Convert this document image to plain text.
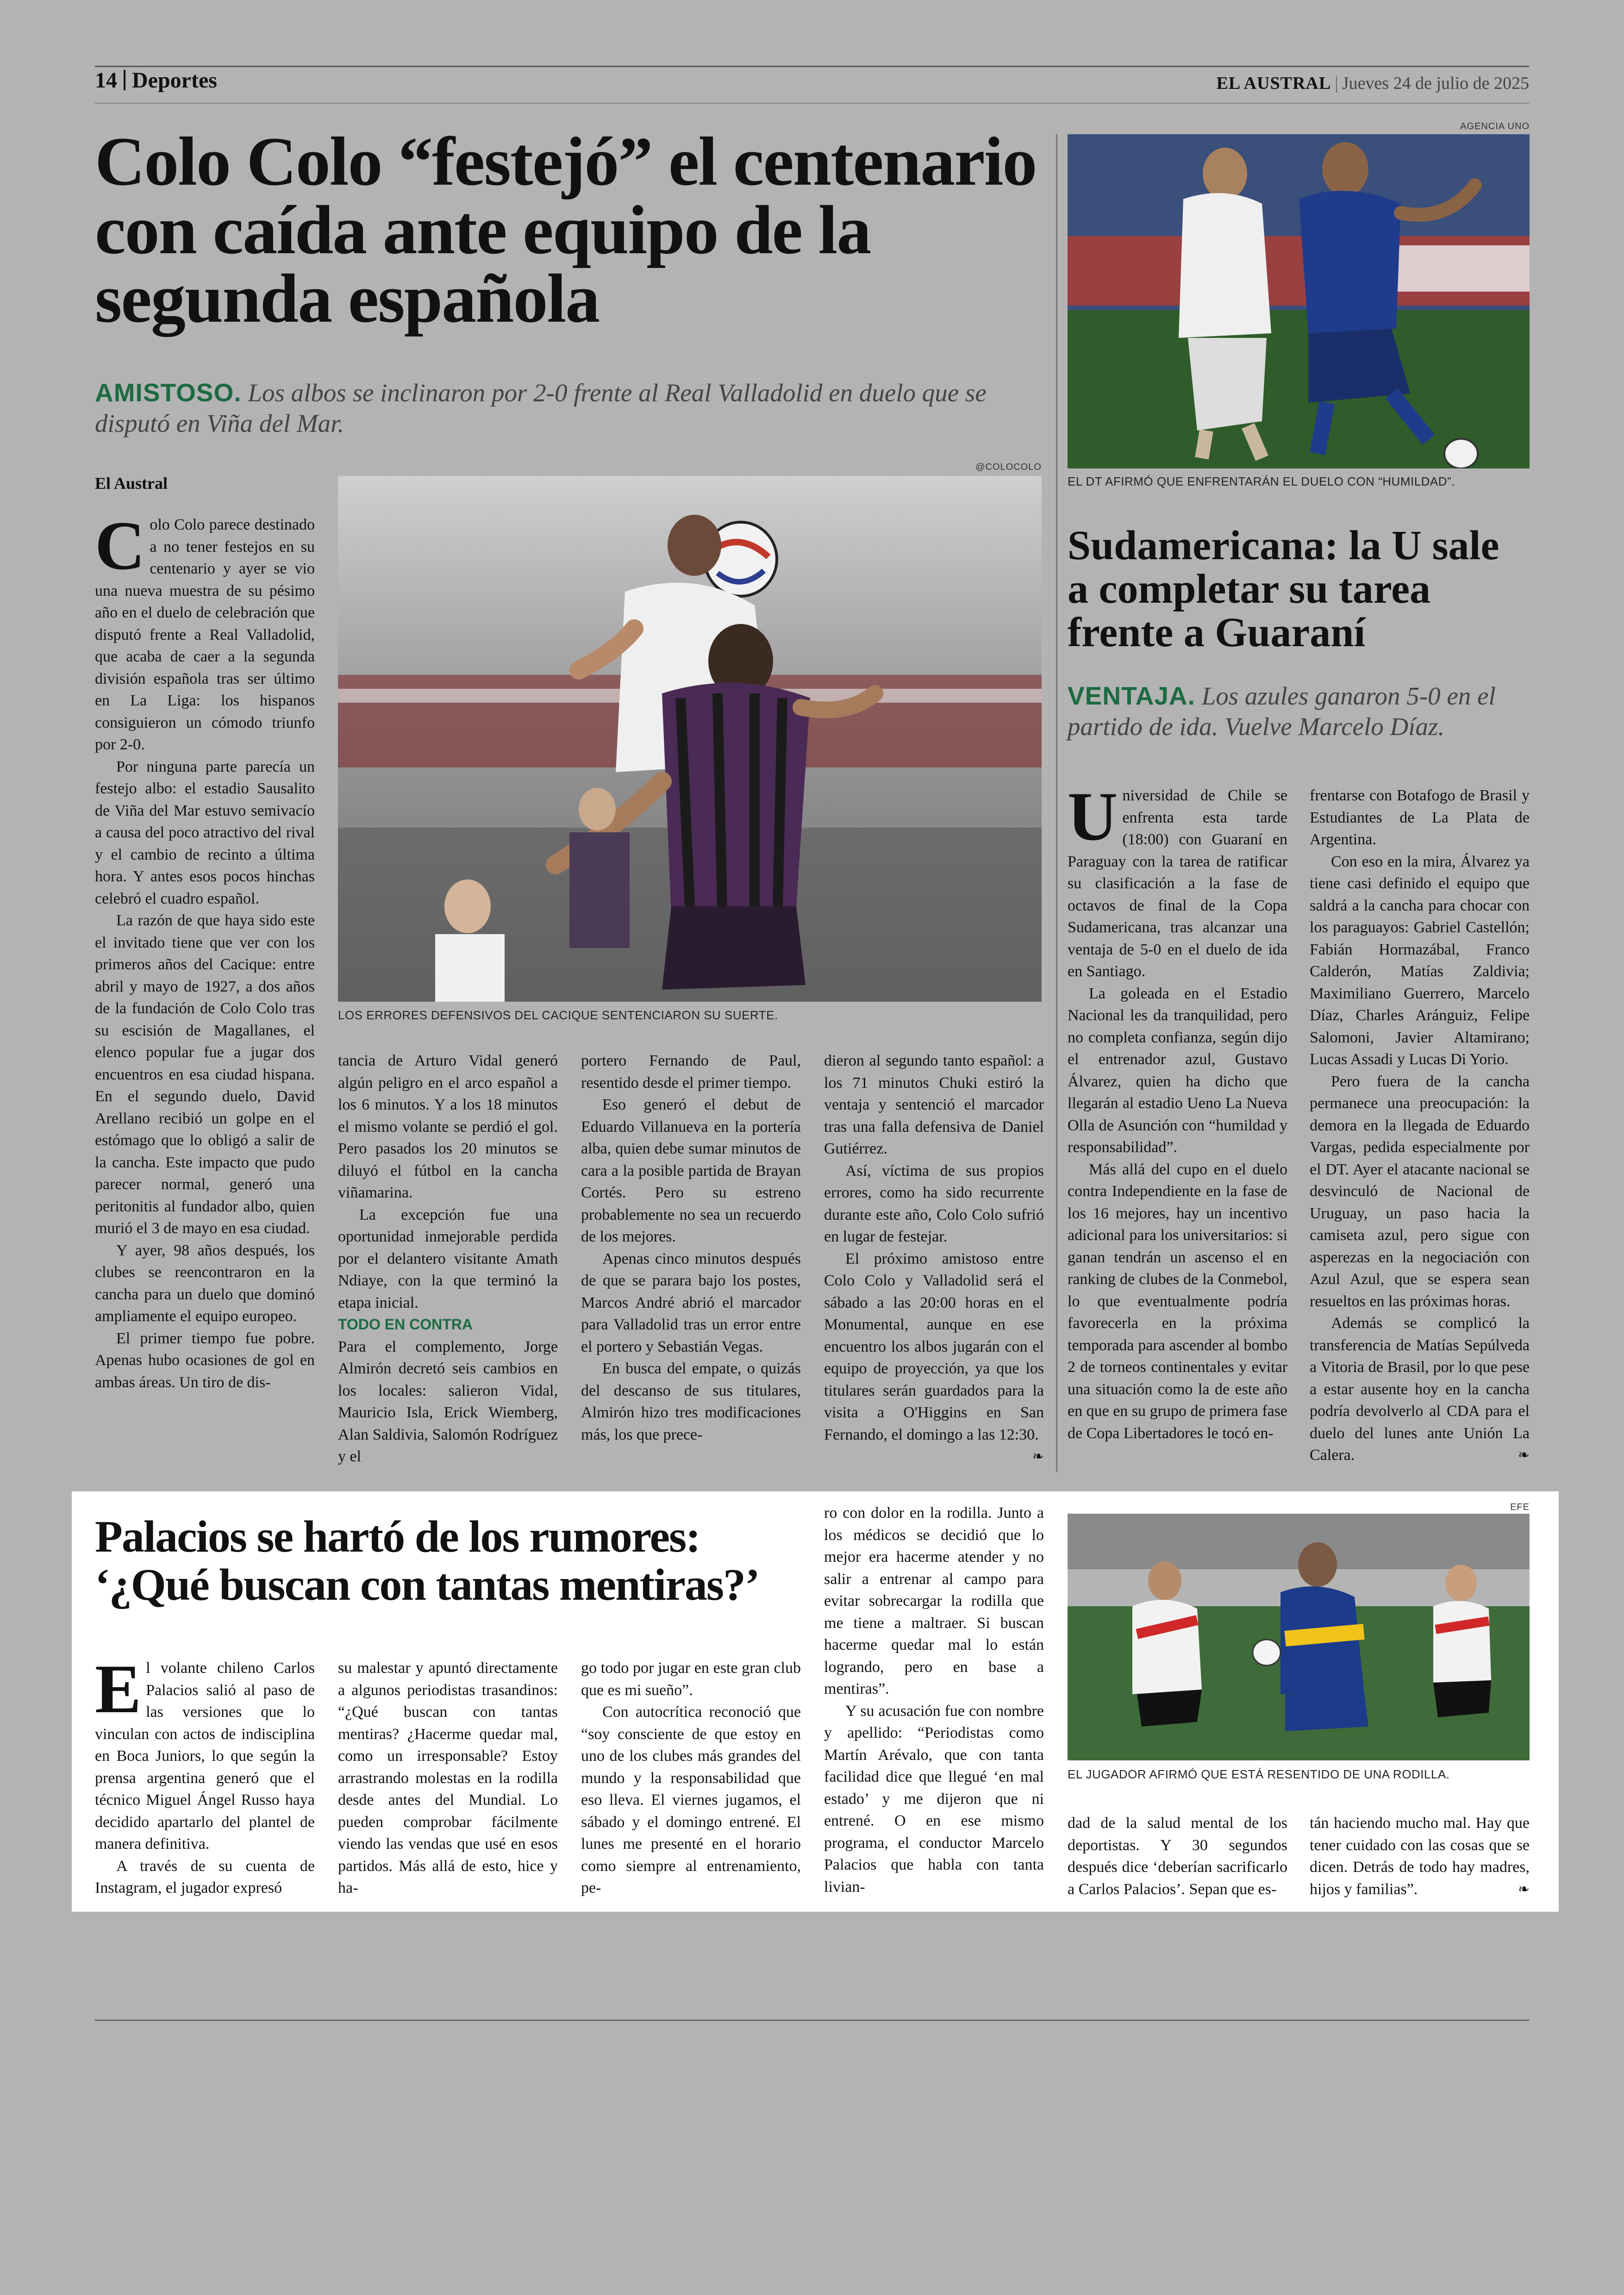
14 Deportes	EL AUSTRAL | Jueves 24 de julio de 2025
Colo Colo “festejó” el centenario con caída ante equipo de la segunda española
AMISTOSO. Los albos se inclinaron por 2-0 frente al Real Valladolid en duelo que se disputó en Viña del Mar.
El Austral
@COLOCOLO
LOS ERRORES DEFENSIVOS DEL CACIQUE SENTENCIARON SU SUERTE.

Colo Colo parece destinado a no tener festejos en su centenario y ayer se vio una nueva muestra de su pésimo año en el duelo de celebración que disputó frente a Real Valladolid, que acaba de caer a la segunda división española tras ser último en La Liga: los hispanos consiguieron un cómodo triunfo por 2-0.

Por ninguna parte parecía un festejo albo: el estadio Sausalito de Viña del Mar estuvo semivacío a causa del poco atractivo del rival y el cambio de recinto a última hora. Y antes esos pocos hinchas celebró el cuadro español.

La razón de que haya sido este el invitado tiene que ver con los primeros años del Cacique: entre abril y mayo de 1927, a dos años de la fundación de Colo Colo tras su escisión de Magallanes, el elenco popular fue a jugar dos encuentros en esa ciudad hispana. En el segundo duelo, David Arellano recibió un golpe en el estómago que lo obligó a salir de la cancha. Este impacto que pudo parecer normal, generó una peritonitis al fundador albo, quien murió el 3 de mayo en esa ciudad.

Y ayer, 98 años después, los clubes se reencontraron en la cancha para un duelo que dominó ampliamente el equipo europeo.

El primer tiempo fue pobre. Apenas hubo ocasiones de gol en ambas áreas. Un tiro de dis-

tancia de Arturo Vidal generó algún peligro en el arco español a los 6 minutos. Y a los 18 minutos el mismo volante se perdió el gol. Pero pasados los 20 minutos se diluyó el fútbol en la cancha viñamarina.

La excepción fue una oportunidad inmejorable perdida por el delantero visitante Amath Ndiaye, con la que terminó la etapa inicial.

TODO EN CONTRA

Para el complemento, Jorge Almirón decretó seis cambios en los locales: salieron Vidal, Mauricio Isla, Erick Wiemberg, Alan Saldivia, Salomón Rodríguez y el

portero Fernando de Paul, resentido desde el primer tiempo.

Eso generó el debut de Eduardo Villanueva en la portería alba, quien debe sumar minutos de cara a la posible partida de Brayan Cortés. Pero su estreno probablemente no sea un recuerdo de los mejores.

Apenas cinco minutos después de que se parara bajo los postes, Marcos André abrió el marcador para Valladolid tras un error entre el portero y Sebastián Vegas.

En busca del empate, o quizás del descanso de sus titulares, Almirón hizo tres modificaciones más, los que prece-

dieron al segundo tanto español: a los 71 minutos Chuki estiró la ventaja y sentenció el marcador tras una falla defensiva de Daniel Gutiérrez.

Así, víctima de sus propios errores, como ha sido recurrente durante este año, Colo Colo sufrió en lugar de festejar.

El próximo amistoso entre Colo Colo y Valladolid será el sábado a las 20:00 horas en el Monumental, aunque en ese encuentro los albos jugarán con el equipo de proyección, ya que los titulares serán guardados para la visita a O'Higgins en San Fernando, el domingo a las 12:30.
❧

AGENCIA UNO
EL DT AFIRMÓ QUE ENFRENTARÁN EL DUELO CON “HUMILDAD”.
Sudamericana: la U sale a completar su tarea frente a Guaraní
VENTAJA. Los azules ganaron 5-0 en el partido de ida. Vuelve Marcelo Díaz.

Universidad de Chile se enfrenta esta tarde (18:00) con Guaraní en Paraguay con la tarea de ratificar su clasificación a la fase de octavos de final de la Copa Sudamericana, tras alcanzar una ventaja de 5-0 en el duelo de ida en Santiago.

La goleada en el Estadio Nacional les da tranquilidad, pero no completa confianza, según dijo el entrenador azul, Gustavo Álvarez, quien ha dicho que llegarán al estadio Ueno La Nueva Olla de Asunción con “humildad y responsabilidad”.

Más allá del cupo en el duelo contra Independiente en la fase de los 16 mejores, hay un incentivo adicional para los universitarios: si ganan tendrán un ascenso el en ranking de clubes de la Conmebol, lo que eventualmente podría favorecerla en la próxima temporada para ascender al bombo 2 de torneos continentales y evitar una situación como la de este año en que en su grupo de primera fase de Copa Libertadores le tocó en-

frentarse con Botafogo de Brasil y Estudiantes de La Plata de Argentina.

Con eso en la mira, Álvarez ya tiene casi definido el equipo que saldrá a la cancha para chocar con los paraguayos: Gabriel Castellón; Fabián Hormazábal, Franco Calderón, Matías Zaldivia; Maximiliano Guerrero, Marcelo Díaz, Charles Aránguiz, Felipe Salomoni, Javier Altamirano; Lucas Assadi y Lucas Di Yorio.

Pero fuera de la cancha permanece una preocupación: la demora en la llegada de Eduardo Vargas, pedida especialmente por el DT. Ayer el atacante nacional se desvinculó de Nacional de Uruguay, un paso hacia la camiseta azul, pero sigue con asperezas en la negociación con Azul Azul, que se espera sean resueltos en las próximas horas.

Además se complicó la transferencia de Matías Sepúlveda a Vitoria de Brasil, por lo que pese a estar ausente hoy en la cancha podría devolverlo al CDA para el duelo del lunes ante Unión La Calera.	❧

Palacios se hartó de los rumores: ‘¿Qué buscan con tantas mentiras?’
EFE
EL JUGADOR AFIRMÓ QUE ESTÁ RESENTIDO DE UNA RODILLA.

El volante chileno Carlos Palacios salió al paso de las versiones que lo vinculan con actos de indisciplina en Boca Juniors, lo que según la prensa argentina generó que el técnico Miguel Ángel Russo haya decidido apartarlo del plantel de manera definitiva.

A través de su cuenta de Instagram, el jugador expresó

su malestar y apuntó directamente a algunos periodistas trasandinos: “¿Qué buscan con tantas mentiras? ¿Hacerme quedar mal, como un irresponsable? Estoy arrastrando molestas en la rodilla desde antes del Mundial. Lo pueden comprobar fácilmente viendo las vendas que usé en esos partidos. Más allá de esto, hice y ha-

go todo por jugar en este gran club que es mi sueño”.

Con autocrítica reconoció que “soy consciente de que estoy en uno de los clubes más grandes del mundo y la responsabilidad que eso lleva. El viernes jugamos, el sábado y el domingo entrené. El lunes me presenté en el horario como siempre al entrenamiento, pe-

ro con dolor en la rodilla. Junto a los médicos se decidió que lo mejor era hacerme atender y no salir a entrenar al campo para evitar sobrecargar la rodilla que me tiene a maltraer. Si buscan hacerme quedar mal lo están logrando, pero en base a mentiras”.

Y su acusación fue con nombre y apellido: “Periodistas como Martín Arévalo, que con tanta facilidad dice que llegué ‘en mal estado’ y me dijeron que ni entrené. O en ese mismo programa, el conductor Marcelo Palacios que habla con tanta livian-

dad de la salud mental de los deportistas. Y 30 segundos después dice ‘deberían sacrificarlo a Carlos Palacios’. Sepan que es-

tán haciendo mucho mal. Hay que tener cuidado con las cosas que se dicen. Detrás de todo hay madres, hijos y familias”.	❧
